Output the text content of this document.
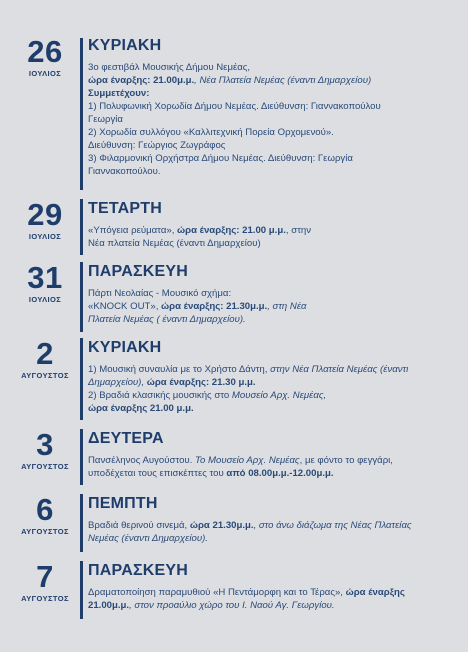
26
ΙΟΥΛΙΟΣ
ΚΥΡΙΑΚΗ
3ο φεστιβάλ Μουσικής Δήμου Νεμέας,
ώρα έναρξης: 21.00μ.μ., Νέα Πλατεία Νεμέας (έναντι Δημαρχείου)
Συμμετέχουν:
1) Πολυφωνική Χορωδία Δήμου Νεμέας. Διεύθυνση: Γιαννακοπούλου
Γεωργία
2) Χορωδία συλλόγου «Καλλιτεχνική Πορεία Ορχομενού».
Διεύθυνση: Γεώργιος Ζωγράφος
3) Φιλαρμονική Ορχήστρα Δήμου Νεμέας. Διεύθυνση: Γεωργία
Γιαννακοπούλου.
29
ΙΟΥΛΙΟΣ
ΤΕΤΑΡΤΗ
«Υπόγεια ρεύματα», ώρα έναρξης: 21.00 μ.μ., στην
Νέα πλατεία Νεμέας (έναντι Δημαρχείου)
31
ΙΟΥΛΙΟΣ
ΠΑΡΑΣΚΕΥΗ
Πάρτι Νεολαίας - Μουσικό σχήμα:
«KNOCK OUT», ώρα έναρξης: 21.30μ.μ., στη Νέα
Πλατεία Νεμέας ( έναντι Δημαρχείου).
2
ΑΥΓΟΥΣΤΟΣ
ΚΥΡΙΑΚΗ
1) Μουσική συναυλία με το Χρήστο Δάντη, στην Νέα Πλατεία Νεμέας (έναντι
Δημαρχείου), ώρα έναρξης: 21.30 μ.μ.
2) Βραδιά κλασικής μουσικής στο Μουσείο Αρχ. Νεμέας,
ώρα έναρξης 21.00 μ.μ.
3
ΑΥΓΟΥΣΤΟΣ
ΔΕΥΤΕΡΑ
Πανσέληνος Αυγούστου. Το Μουσείο Αρχ. Νεμέας, με φόντο το φεγγάρι,
υποδέχεται τους επισκέπτες του από 08.00μ.μ.-12.00μ.μ.
6
ΑΥΓΟΥΣΤΟΣ
ΠΕΜΠΤΗ
Βραδιά θερινού σινεμά, ώρα 21.30μ.μ., στο άνω διάζωμα της Νέας Πλατείας
Νεμέας (έναντι Δημαρχείου).
7
ΑΥΓΟΥΣΤΟΣ
ΠΑΡΑΣΚΕΥΗ
Δραματοποίηση παραμυθιού «Η Πεντάμορφη και το Τέρας», ώρα έναρξης
21.00μ.μ., στον προαύλιο χώρο του Ι. Ναού Αγ. Γεωργίου.
